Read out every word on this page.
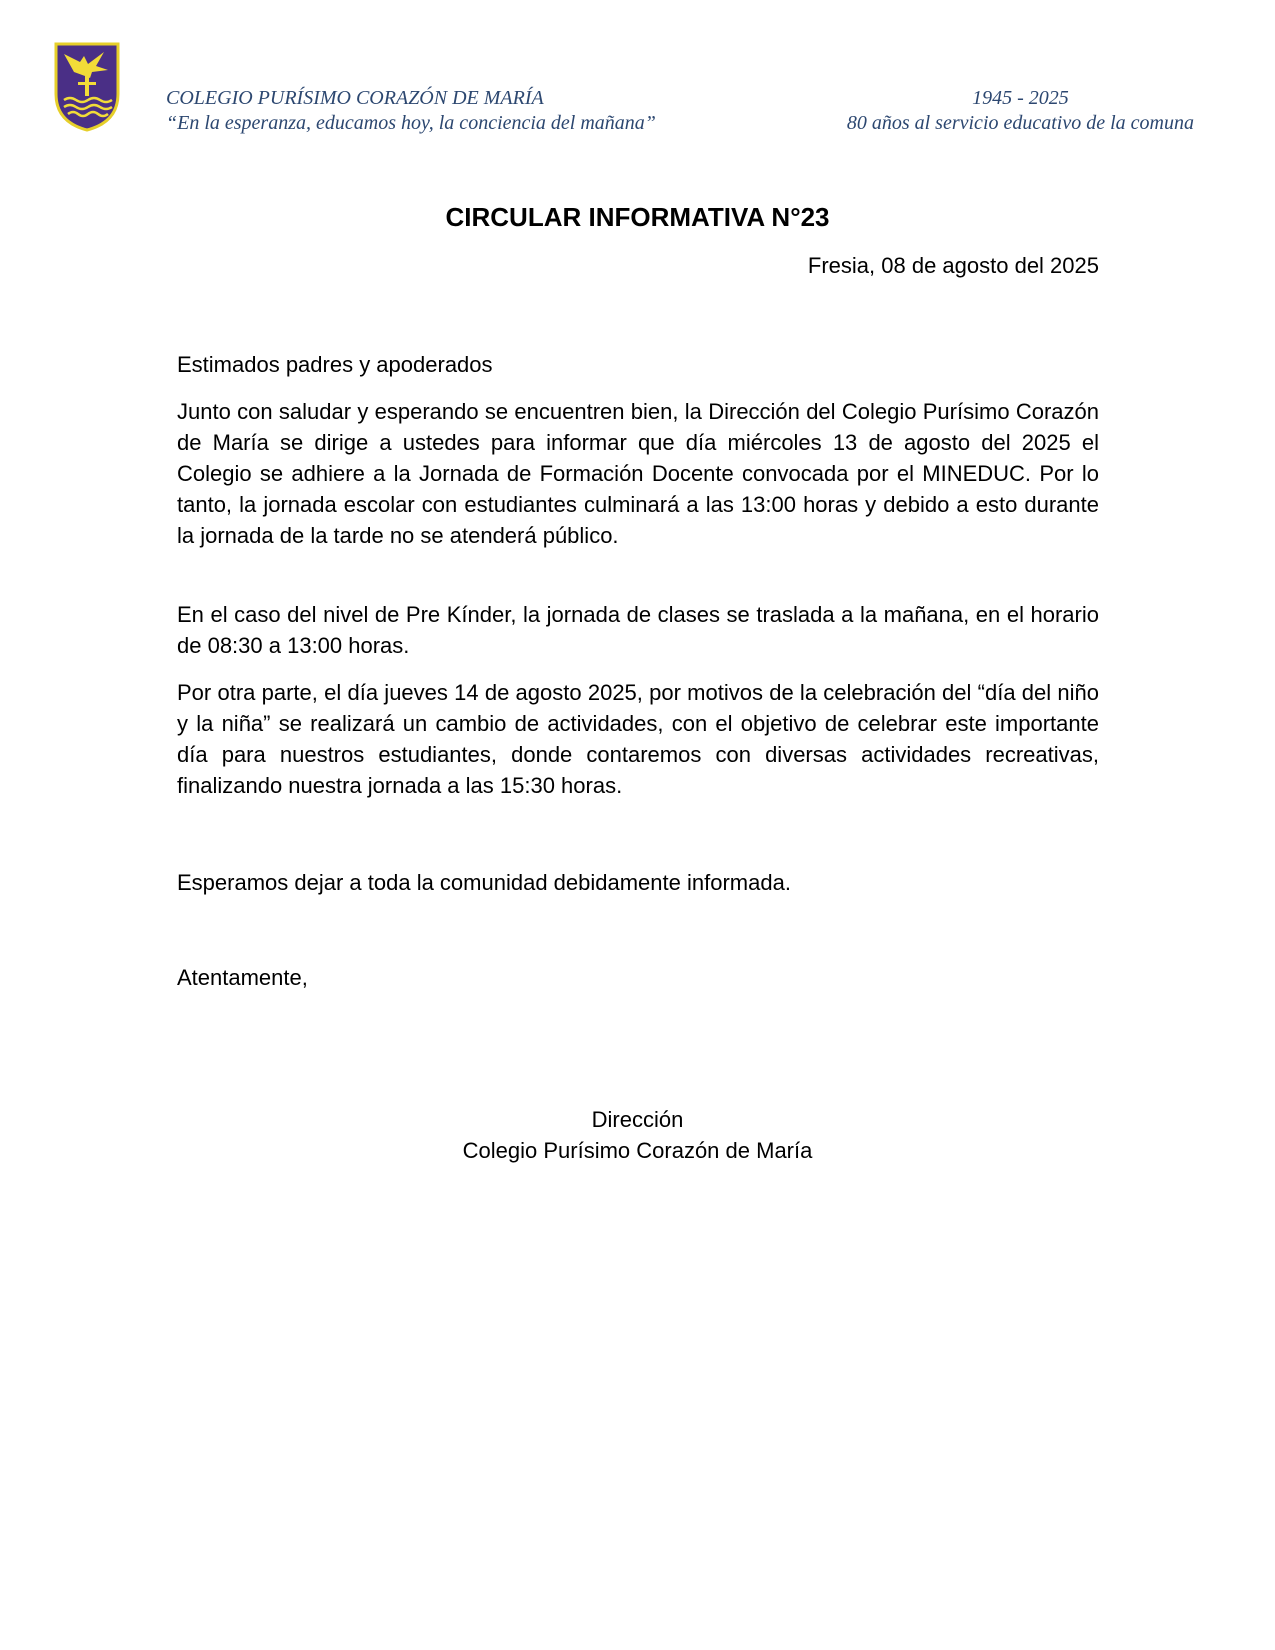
COLEGIO PURÍSIMO CORAZÓN DE MARÍA
“En la esperanza, educamos hoy, la conciencia del mañana”
1945 - 2025
80 años al servicio educativo de la comuna
CIRCULAR INFORMATIVA N°23
Fresia, 08 de agosto del 2025

Estimados padres y apoderados

Junto con saludar y esperando se encuentren bien, la Dirección del Colegio Purísimo Corazón de María se dirige a ustedes para informar que día miércoles 13 de agosto del 2025 el Colegio se adhiere a la Jornada de Formación Docente convocada por el MINEDUC. Por lo tanto, la jornada escolar con estudiantes culminará a las 13:00 horas y debido a esto durante la jornada de la tarde no se atenderá público.

En el caso del nivel de Pre Kínder, la jornada de clases se traslada a la mañana, en el horario de 08:30 a 13:00 horas.

Por otra parte, el día jueves 14 de agosto 2025, por motivos de la celebración del “día del niño y la niña” se realizará un cambio de actividades, con el objetivo de celebrar este importante día para nuestros estudiantes, donde contaremos con diversas actividades recreativas, finalizando nuestra jornada a las 15:30 horas.

Esperamos dejar a toda la comunidad debidamente informada.

Atentamente,

Dirección
Colegio Purísimo Corazón de María
